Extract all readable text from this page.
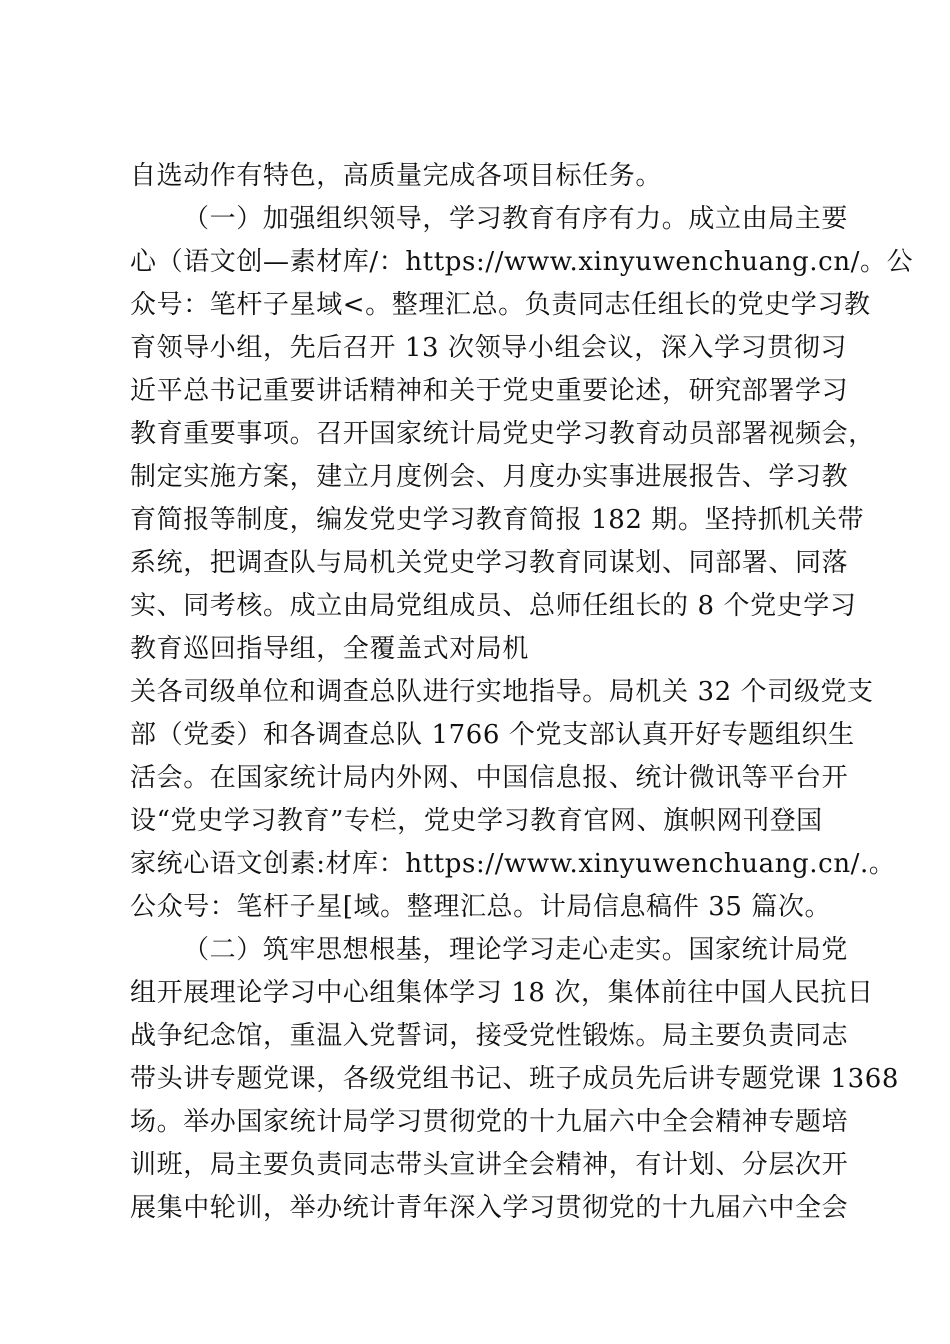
自选动作有特色，高质量完成各项目标任务。
（一）加强组织领导，学习教育有序有力。成立由局主要
心（语文创—素材库/：https://www.xinyuwenchuang.cn/。公
众号：笔杆子星域<。整理汇总。负责同志任组长的党史学习教
育领导小组，先后召开 13 次领导小组会议，深入学习贯彻习
近平总书记重要讲话精神和关于党史重要论述，研究部署学习
教育重要事项。召开国家统计局党史学习教育动员部署视频会，
制定实施方案，建立月度例会、月度办实事进展报告、学习教
育简报等制度，编发党史学习教育简报 182 期。坚持抓机关带
系统，把调查队与局机关党史学习教育同谋划、同部署、同落
实、同考核。成立由局党组成员、总师任组长的 8 个党史学习
教育巡回指导组，全覆盖式对局机
关各司级单位和调查总队进行实地指导。局机关 32 个司级党支
部（党委）和各调查总队 1766 个党支部认真开好专题组织生
活会。在国家统计局内外网、中国信息报、统计微讯等平台开
设“党史学习教育”专栏，党史学习教育官网、旗帜网刊登国
家统心语文创素:材库：https://www.xinyuwenchuang.cn/.。
公众号：笔杆子星[域。整理汇总。计局信息稿件 35 篇次。
（二）筑牢思想根基，理论学习走心走实。国家统计局党
组开展理论学习中心组集体学习 18 次，集体前往中国人民抗日
战争纪念馆，重温入党誓词，接受党性锻炼。局主要负责同志
带头讲专题党课，各级党组书记、班子成员先后讲专题党课 1368
场。举办国家统计局学习贯彻党的十九届六中全会精神专题培
训班，局主要负责同志带头宣讲全会精神，有计划、分层次开
展集中轮训，举办统计青年深入学习贯彻党的十九届六中全会
